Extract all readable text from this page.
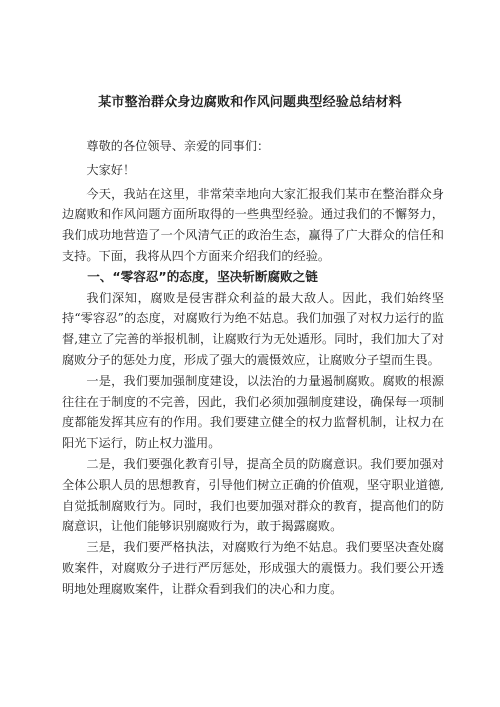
某市整治群众身边腐败和作风问题典型经验总结材料

尊敬的各位领导、亲爱的同事们：

大家好！

今天，我站在这里，非常荣幸地向大家汇报我们某市在整治群众身边腐败和作风问题方面所取得的一些典型经验。通过我们的不懈努力，我们成功地营造了一个风清气正的政治生态，赢得了广大群众的信任和支持。下面，我将从四个方面来介绍我们的经验。

一、“零容忍”的态度，坚决斩断腐败之链

我们深知，腐败是侵害群众利益的最大敌人。因此，我们始终坚持“零容忍”的态度，对腐败行为绝不姑息。我们加强了对权力运行的监督,建立了完善的举报机制，让腐败行为无处遁形。同时，我们加大了对腐败分子的惩处力度，形成了强大的震慑效应，让腐败分子望而生畏。

一是，我们要加强制度建设，以法治的力量遏制腐败。腐败的根源往往在于制度的不完善，因此，我们必须加强制度建设，确保每一项制度都能发挥其应有的作用。我们要建立健全的权力监督机制，让权力在阳光下运行，防止权力滥用。

二是，我们要强化教育引导，提高全员的防腐意识。我们要加强对全体公职人员的思想教育，引导他们树立正确的价值观，坚守职业道德,自觉抵制腐败行为。同时，我们也要加强对群众的教育，提高他们的防腐意识，让他们能够识别腐败行为，敢于揭露腐败。

三是，我们要严格执法，对腐败行为绝不姑息。我们要坚决查处腐败案件，对腐败分子进行严厉惩处，形成强大的震慑力。我们要公开透明地处理腐败案件，让群众看到我们的决心和力度。
